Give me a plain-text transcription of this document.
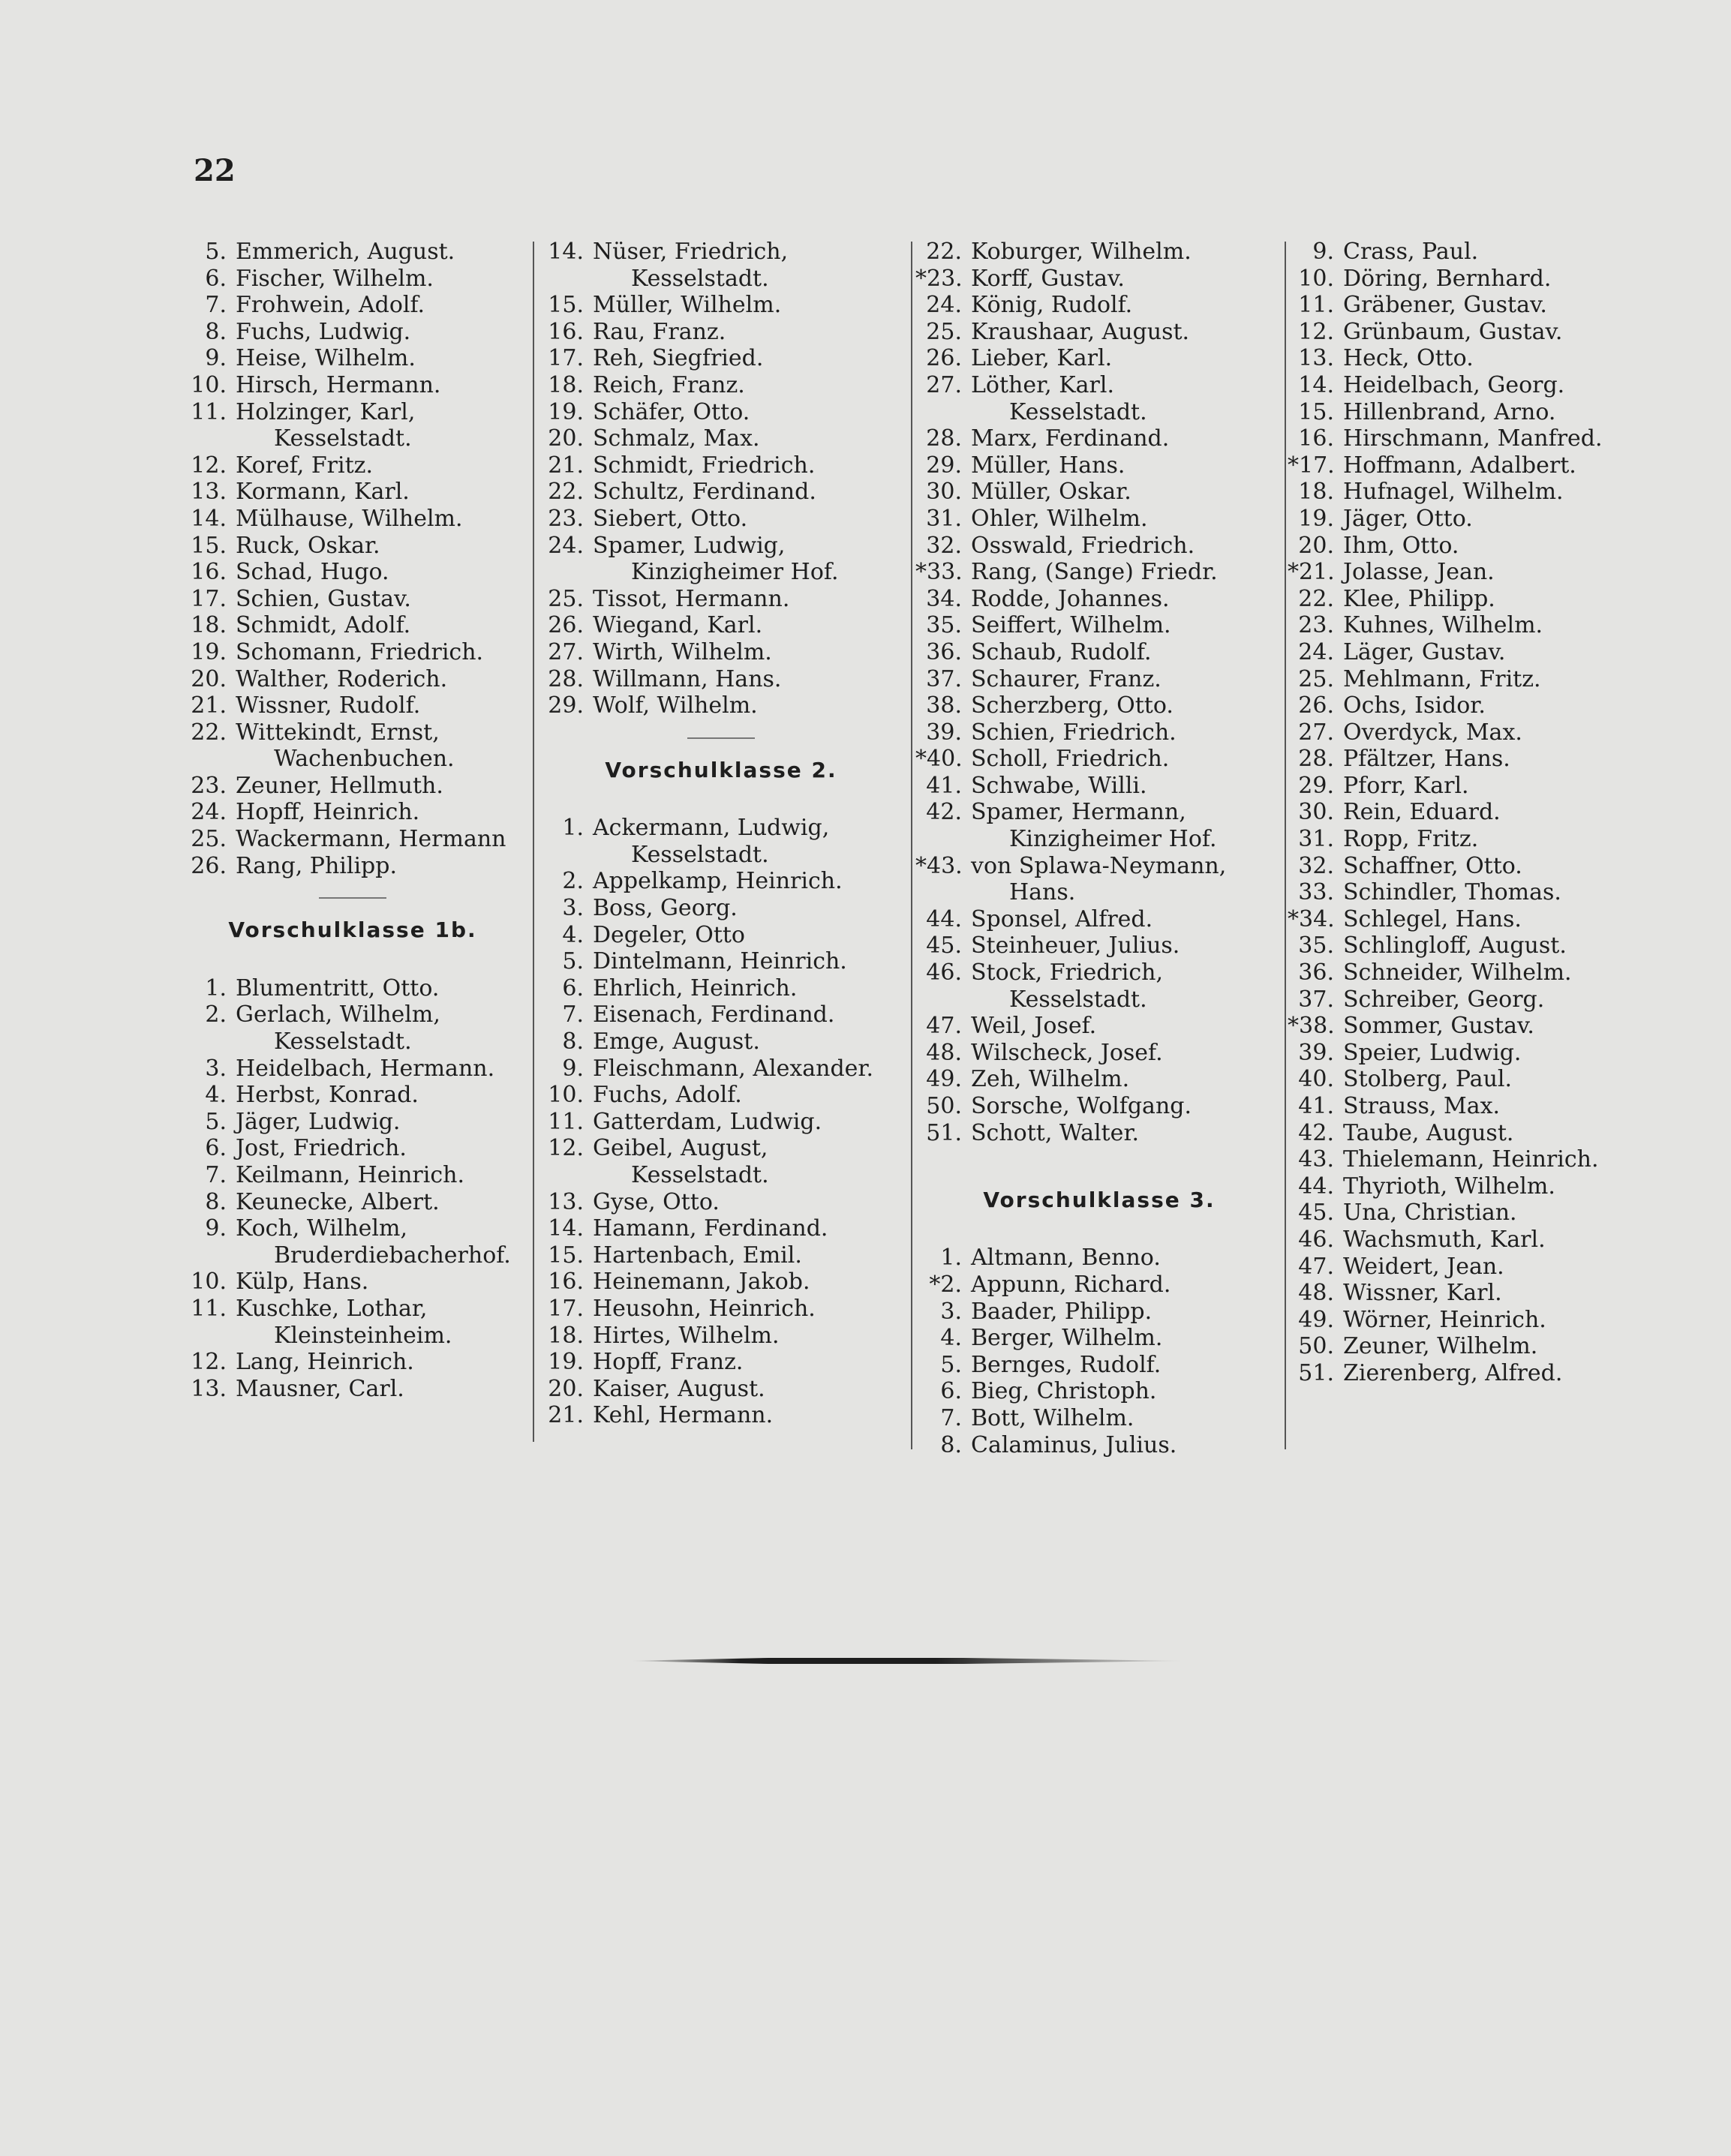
22
5. Emmerich, August.
6. Fischer, Wilhelm.
7. Frohwein, Adolf.
8. Fuchs, Ludwig.
9. Heise, Wilhelm.
10. Hirsch, Hermann.
11. Holzinger, Karl,
Kesselstadt.
12. Koref, Fritz.
13. Kormann, Karl.
14. Mülhause, Wilhelm.
15. Ruck, Oskar.
16. Schad, Hugo.
17. Schien, Gustav.
18. Schmidt, Adolf.
19. Schomann, Friedrich.
20. Walther, Roderich.
21. Wissner, Rudolf.
22. Wittekindt, Ernst,
Wachenbuchen.
23. Zeuner, Hellmuth.
24. Hopff, Heinrich.
25. Wackermann, Hermann
26. Rang, Philipp.
Vorschulklasse 1b.
1. Blumentritt, Otto.
2. Gerlach, Wilhelm,
Kesselstadt.
3. Heidelbach, Hermann.
4. Herbst, Konrad.
5. Jäger, Ludwig.
6. Jost, Friedrich.
7. Keilmann, Heinrich.
8. Keunecke, Albert.
9. Koch, Wilhelm,
Bruderdiebacherhof.
10. Külp, Hans.
11. Kuschke, Lothar,
Kleinsteinheim.
12. Lang, Heinrich.
13. Mausner, Carl.
14. Nüser, Friedrich,
Kesselstadt.
15. Müller, Wilhelm.
16. Rau, Franz.
17. Reh, Siegfried.
18. Reich, Franz.
19. Schäfer, Otto.
20. Schmalz, Max.
21. Schmidt, Friedrich.
22. Schultz, Ferdinand.
23. Siebert, Otto.
24. Spamer, Ludwig,
Kinzigheimer Hof.
25. Tissot, Hermann.
26. Wiegand, Karl.
27. Wirth, Wilhelm.
28. Willmann, Hans.
29. Wolf, Wilhelm.
Vorschulklasse 2.
1. Ackermann, Ludwig,
Kesselstadt.
2. Appelkamp, Heinrich.
3. Boss, Georg.
4. Degeler, Otto
5. Dintelmann, Heinrich.
6. Ehrlich, Heinrich.
7. Eisenach, Ferdinand.
8. Emge, August.
9. Fleischmann, Alexander.
10. Fuchs, Adolf.
11. Gatterdam, Ludwig.
12. Geibel, August,
Kesselstadt.
13. Gyse, Otto.
14. Hamann, Ferdinand.
15. Hartenbach, Emil.
16. Heinemann, Jakob.
17. Heusohn, Heinrich.
18. Hirtes, Wilhelm.
19. Hopff, Franz.
20. Kaiser, August.
21. Kehl, Hermann.
22. Koburger, Wilhelm.
*23. Korff, Gustav.
24. König, Rudolf.
25. Kraushaar, August.
26. Lieber, Karl.
27. Löther, Karl.
Kesselstadt.
28. Marx, Ferdinand.
29. Müller, Hans.
30. Müller, Oskar.
31. Ohler, Wilhelm.
32. Osswald, Friedrich.
*33. Rang, (Sange) Friedr.
34. Rodde, Johannes.
35. Seiffert, Wilhelm.
36. Schaub, Rudolf.
37. Schaurer, Franz.
38. Scherzberg, Otto.
39. Schien, Friedrich.
*40. Scholl, Friedrich.
41. Schwabe, Willi.
42. Spamer, Hermann,
Kinzigheimer Hof.
*43. von Splawa-Neymann,
Hans.
44. Sponsel, Alfred.
45. Steinheuer, Julius.
46. Stock, Friedrich,
Kesselstadt.
47. Weil, Josef.
48. Wilscheck, Josef.
49. Zeh, Wilhelm.
50. Sorsche, Wolfgang.
51. Schott, Walter.
Vorschulklasse 3.
1. Altmann, Benno.
*2. Appunn, Richard.
3. Baader, Philipp.
4. Berger, Wilhelm.
5. Bernges, Rudolf.
6. Bieg, Christoph.
7. Bott, Wilhelm.
8. Calaminus, Julius.
9. Crass, Paul.
10. Döring, Bernhard.
11. Gräbener, Gustav.
12. Grünbaum, Gustav.
13. Heck, Otto.
14. Heidelbach, Georg.
15. Hillenbrand, Arno.
16. Hirschmann, Manfred.
*17. Hoffmann, Adalbert.
18. Hufnagel, Wilhelm.
19. Jäger, Otto.
20. Ihm, Otto.
*21. Jolasse, Jean.
22. Klee, Philipp.
23. Kuhnes, Wilhelm.
24. Läger, Gustav.
25. Mehlmann, Fritz.
26. Ochs, Isidor.
27. Overdyck, Max.
28. Pfältzer, Hans.
29. Pforr, Karl.
30. Rein, Eduard.
31. Ropp, Fritz.
32. Schaffner, Otto.
33. Schindler, Thomas.
*34. Schlegel, Hans.
35. Schlingloff, August.
36. Schneider, Wilhelm.
37. Schreiber, Georg.
*38. Sommer, Gustav.
39. Speier, Ludwig.
40. Stolberg, Paul.
41. Strauss, Max.
42. Taube, August.
43. Thielemann, Heinrich.
44. Thyrioth, Wilhelm.
45. Una, Christian.
46. Wachsmuth, Karl.
47. Weidert, Jean.
48. Wissner, Karl.
49. Wörner, Heinrich.
50. Zeuner, Wilhelm.
51. Zierenberg, Alfred.
